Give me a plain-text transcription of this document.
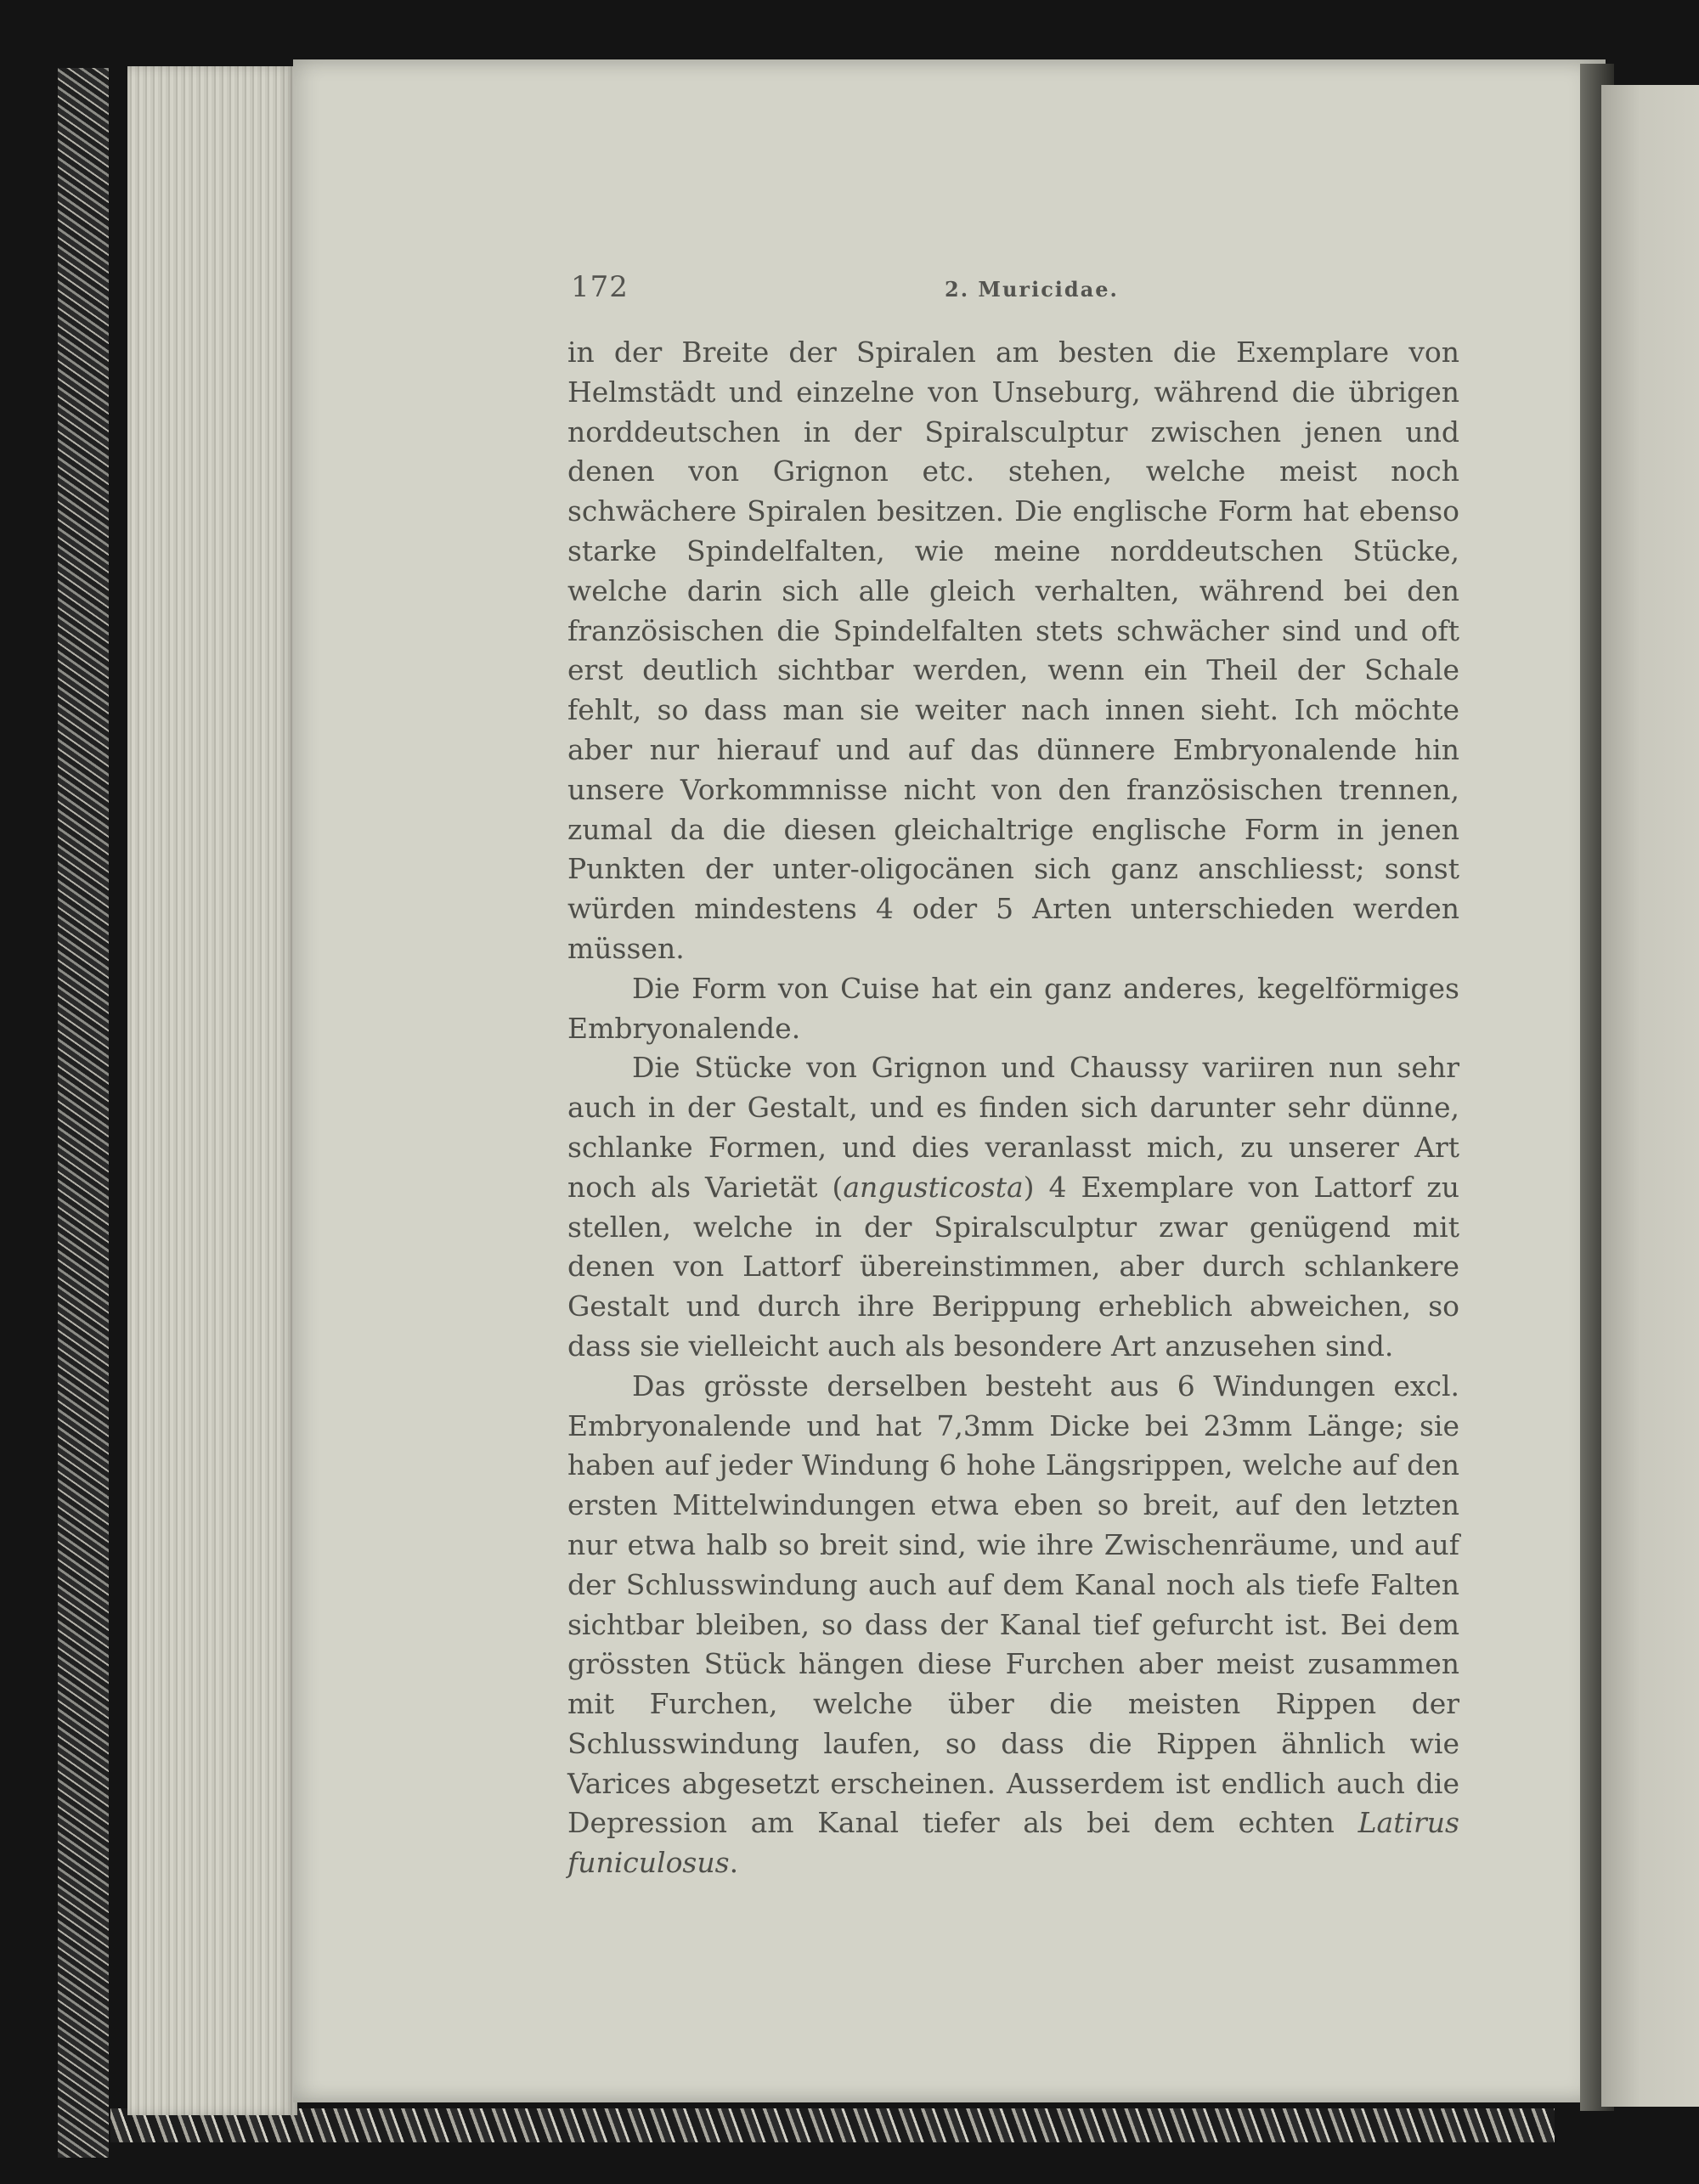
172	2. Muricidae.

in der Breite der Spiralen am besten die Exemplare von Helmstädt und einzelne von Unseburg, während die übrigen norddeutschen in der Spiralsculptur zwischen jenen und denen von Grignon etc. stehen, welche meist noch schwächere Spiralen besitzen. Die englische Form hat ebenso starke Spindelfalten, wie meine norddeutschen Stücke, welche darin sich alle gleich verhalten, während bei den französischen die Spindelfalten stets schwächer sind und oft erst deutlich sichtbar werden, wenn ein Theil der Schale fehlt, so dass man sie weiter nach innen sieht. Ich möchte aber nur hierauf und auf das dünnere Embryonalende hin unsere Vorkommnisse nicht von den französischen trennen, zumal da die diesen gleichaltrige englische Form in jenen Punkten der unter-oligocänen sich ganz anschliesst; sonst würden mindestens 4 oder 5 Arten unterschieden werden müssen.

Die Form von Cuise hat ein ganz anderes, kegelförmiges Embryonalende.

Die Stücke von Grignon und Chaussy variiren nun sehr auch in der Gestalt, und es finden sich darunter sehr dünne, schlanke Formen, und dies veranlasst mich, zu unserer Art noch als Varietät (angusticosta) 4 Exemplare von Lattorf zu stellen, welche in der Spiralsculptur zwar genügend mit denen von Lattorf übereinstimmen, aber durch schlankere Gestalt und durch ihre Berippung erheblich abweichen, so dass sie vielleicht auch als besondere Art anzusehen sind.

Das grösste derselben besteht aus 6 Windungen excl. Embryonalende und hat 7,3mm Dicke bei 23mm Länge; sie haben auf jeder Windung 6 hohe Längsrippen, welche auf den ersten Mittelwindungen etwa eben so breit, auf den letzten nur etwa halb so breit sind, wie ihre Zwischenräume, und auf der Schlusswindung auch auf dem Kanal noch als tiefe Falten sichtbar bleiben, so dass der Kanal tief gefurcht ist. Bei dem grössten Stück hängen diese Furchen aber meist zusammen mit Furchen, welche über die meisten Rippen der Schlusswindung laufen, so dass die Rippen ähnlich wie Varices abgesetzt erscheinen. Ausserdem ist endlich auch die Depression am Kanal tiefer als bei dem echten Latirus funiculosus.
